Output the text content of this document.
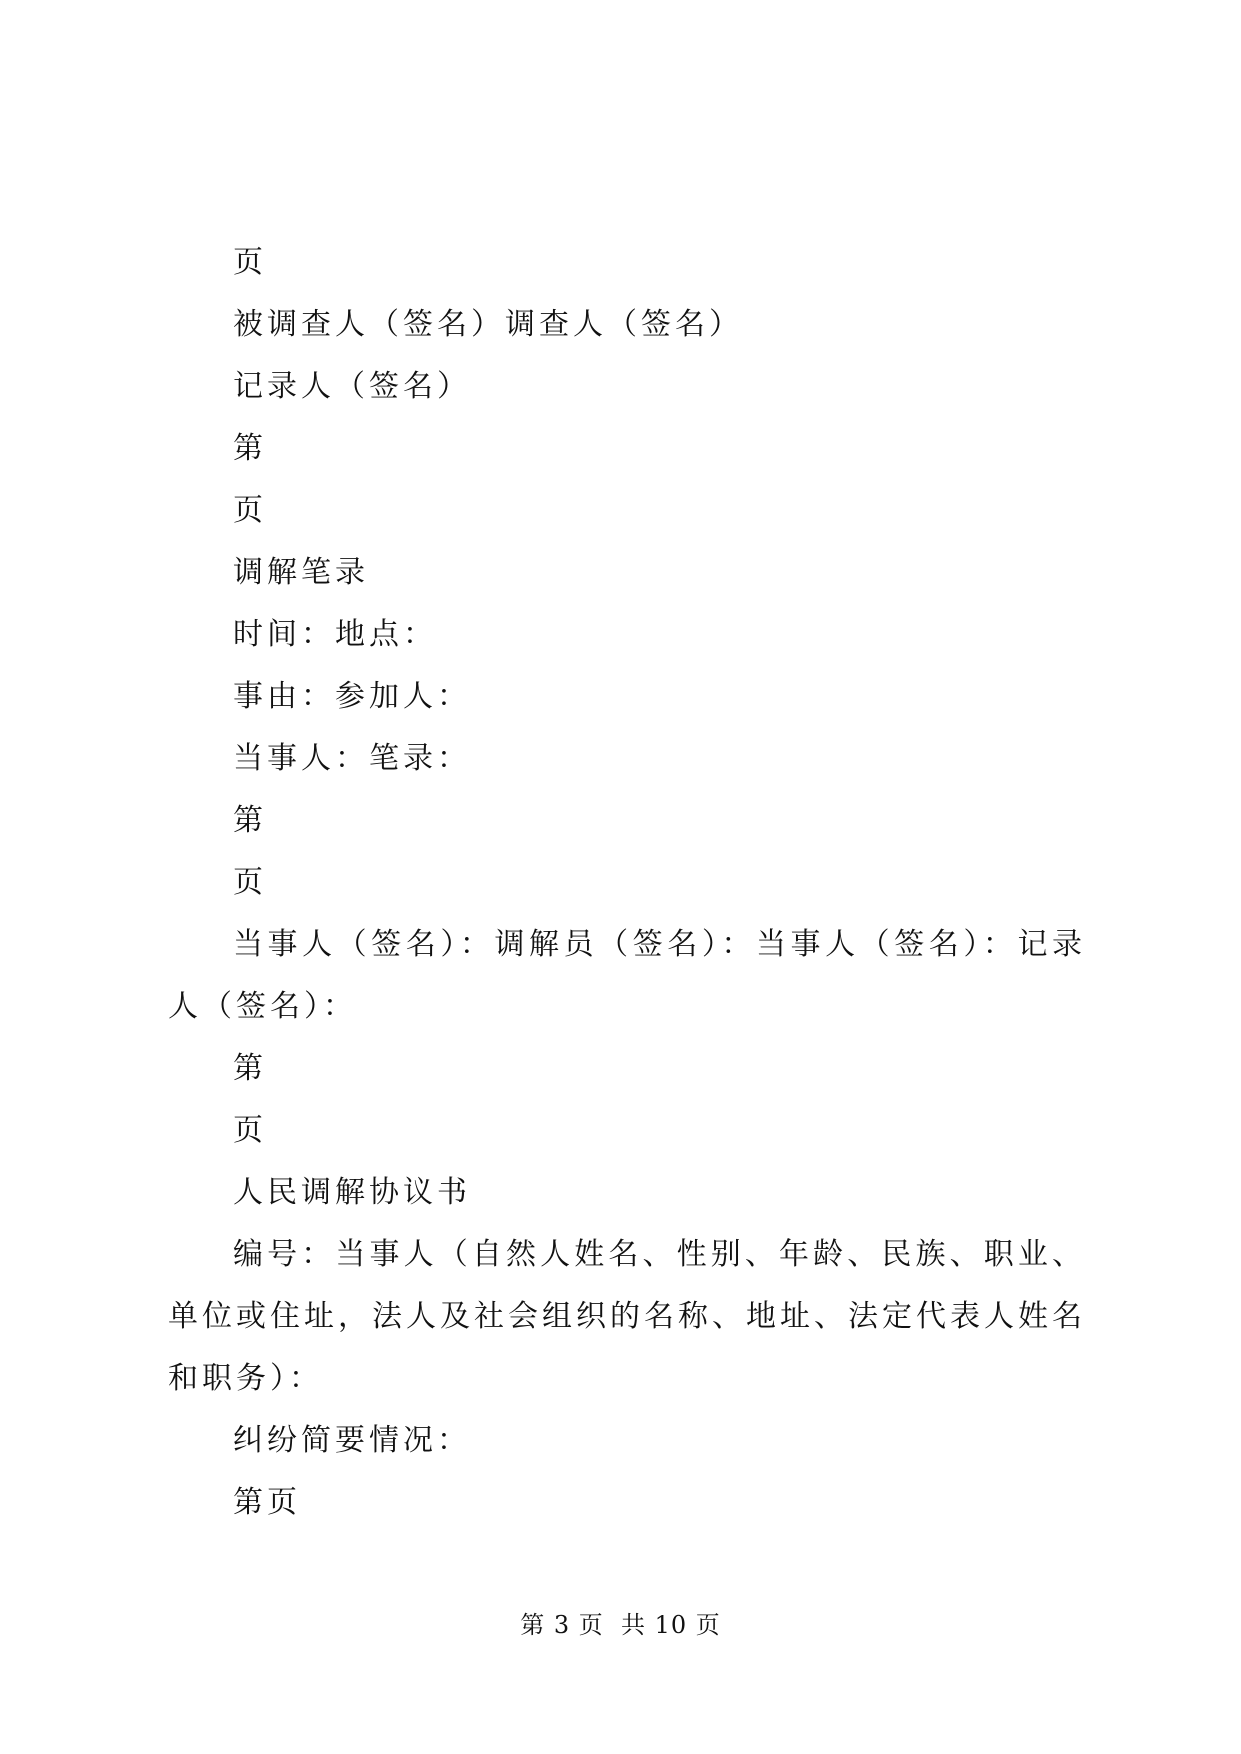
页
被调查人（签名）调查人（签名）
记录人（签名）
第
页
调解笔录
时间：地点：
事由：参加人：
当事人：笔录：
第
页
当事人（签名）：调解员（签名）：当事人（签名）：记录人（签名）：
第
页
人民调解协议书
编号：当事人（自然人姓名、性别、年龄、民族、职业、单位或住址，法人及社会组织的名称、地址、法定代表人姓名和职务）：
纠纷简要情况：
第页
第 3 页  共 10 页
